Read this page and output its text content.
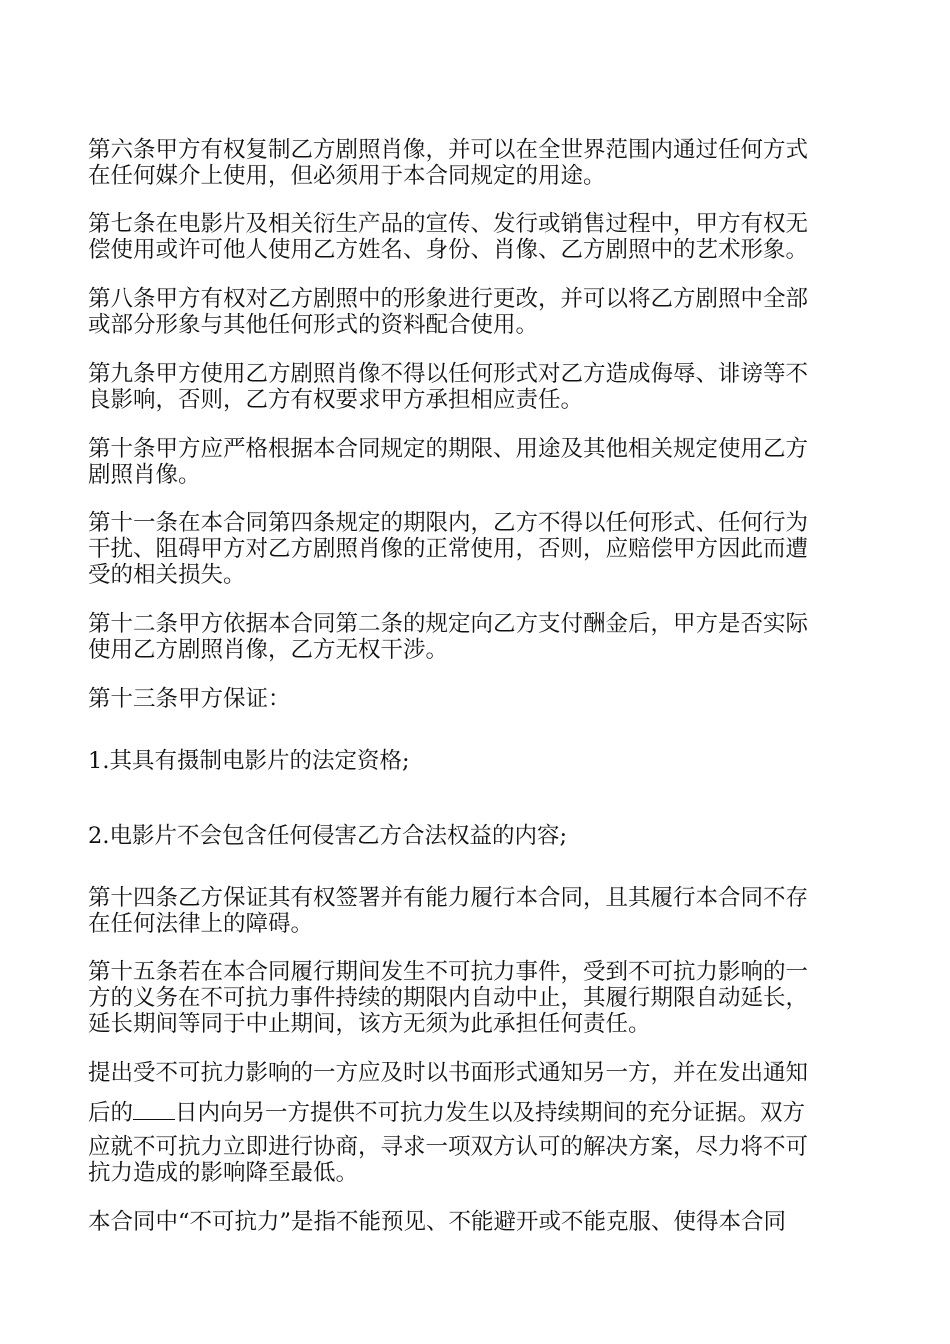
第六条甲方有权复制乙方剧照肖像，并可以在全世界范围内通过任何方式
在任何媒介上使用，但必须用于本合同规定的用途。
第七条在电影片及相关衍生产品的宣传、发行或销售过程中，甲方有权无
偿使用或许可他人使用乙方姓名、身份、肖像、乙方剧照中的艺术形象。
第八条甲方有权对乙方剧照中的形象进行更改，并可以将乙方剧照中全部
或部分形象与其他任何形式的资料配合使用。
第九条甲方使用乙方剧照肖像不得以任何形式对乙方造成侮辱、诽谤等不
良影响，否则，乙方有权要求甲方承担相应责任。
第十条甲方应严格根据本合同规定的期限、用途及其他相关规定使用乙方
剧照肖像。
第十一条在本合同第四条规定的期限内，乙方不得以任何形式、任何行为
干扰、阻碍甲方对乙方剧照肖像的正常使用，否则，应赔偿甲方因此而遭
受的相关损失。
第十二条甲方依据本合同第二条的规定向乙方支付酬金后，甲方是否实际
使用乙方剧照肖像，乙方无权干涉。
第十三条甲方保证：
1.其具有摄制电影片的法定资格;
2.电影片不会包含任何侵害乙方合法权益的内容;
第十四条乙方保证其有权签署并有能力履行本合同，且其履行本合同不存
在任何法律上的障碍。
第十五条若在本合同履行期间发生不可抗力事件，受到不可抗力影响的一
方的义务在不可抗力事件持续的期限内自动中止，其履行期限自动延长，
延长期间等同于中止期间，该方无须为此承担任何责任。
提出受不可抗力影响的一方应及时以书面形式通知另一方，并在发出通知
后的 日内向另一方提供不可抗力发生以及持续期间的充分证据。双方
应就不可抗力立即进行协商，寻求一项双方认可的解决方案，尽力将不可
抗力造成的影响降至最低。
本合同中“不可抗力”是指不能预见、不能避开或不能克服、使得本合同
